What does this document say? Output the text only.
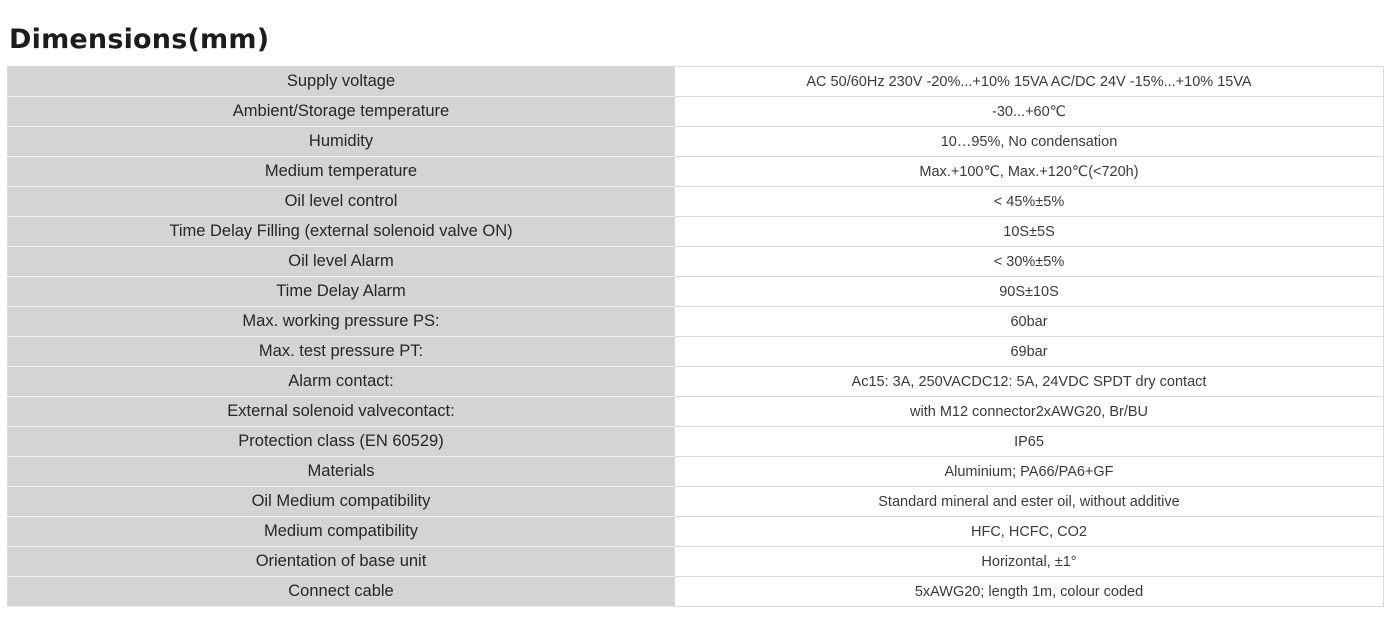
Dimensions(mm)
Supply voltage	AC 50/60Hz 230V -20%...+10% 15VA AC/DC 24V -15%...+10% 15VA
Ambient/Storage temperature	-30...+60℃
Humidity	10…95%, No condensation
Medium temperature	Max.+100℃, Max.+120℃(<720h)
Oil level control	< 45%±5%
Time Delay Filling (external solenoid valve ON)	10S±5S
Oil level Alarm	< 30%±5%
Time Delay Alarm	90S±10S
Max. working pressure PS:	60bar
Max. test pressure PT:	69bar
Alarm contact:	Ac15: 3A, 250VACDC12: 5A, 24VDC SPDT dry contact
External solenoid valvecontact:	with M12 connector2xAWG20, Br/BU
Protection class (EN 60529)	IP65
Materials	Aluminium; PA66/PA6+GF
Oil Medium compatibility	Standard mineral and ester oil, without additive
Medium compatibility	HFC, HCFC, CO2
Orientation of base unit	Horizontal, ±1°
Connect cable	5xAWG20; length 1m, colour coded
